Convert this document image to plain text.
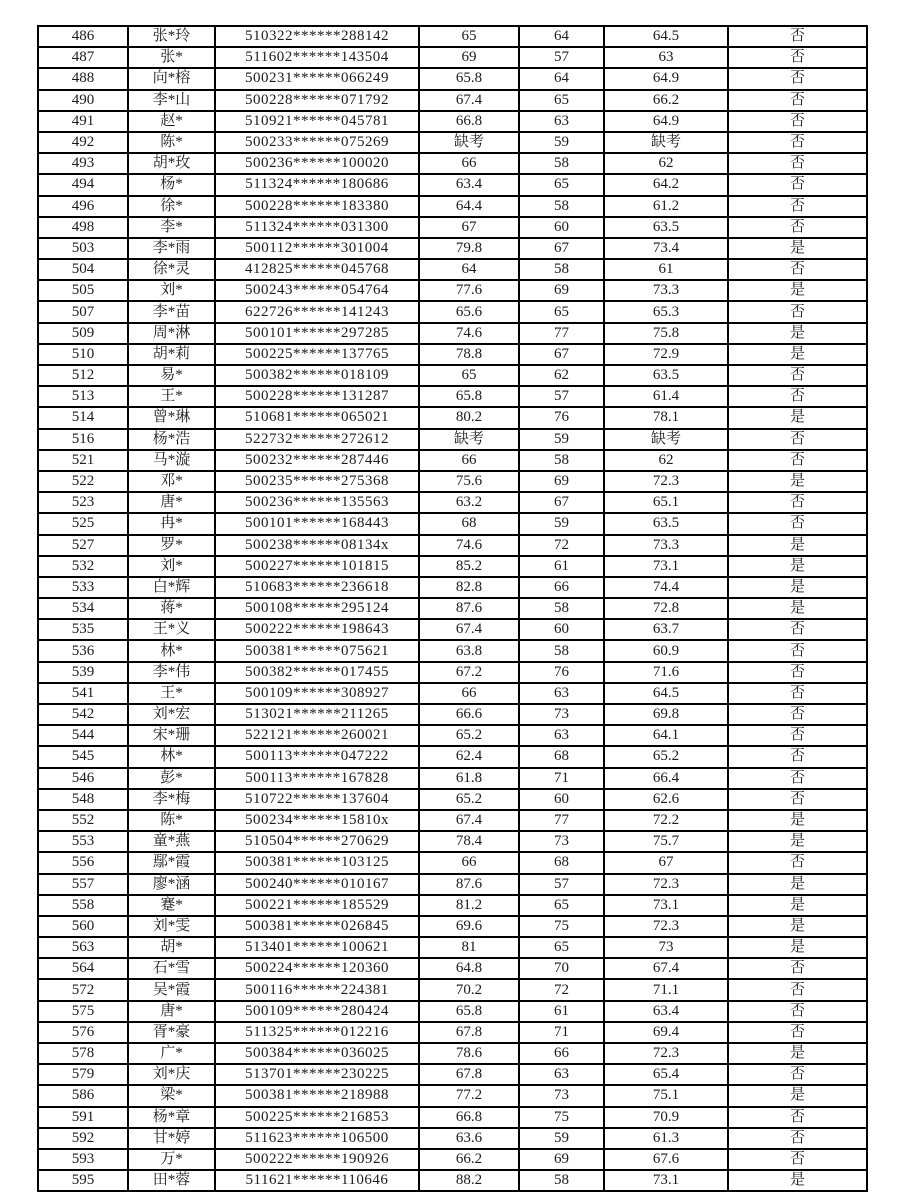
486	张*玲	510322******288142	65	64	64.5	否
487	张*	511602******143504	69	57	63	否
488	向*榕	500231******066249	65.8	64	64.9	否
490	李*山	500228******071792	67.4	65	66.2	否
491	赵*	510921******045781	66.8	63	64.9	否
492	陈*	500233******075269	缺考	59	缺考	否
493	胡*玫	500236******100020	66	58	62	否
494	杨*	511324******180686	63.4	65	64.2	否
496	徐*	500228******183380	64.4	58	61.2	否
498	李*	511324******031300	67	60	63.5	否
503	李*雨	500112******301004	79.8	67	73.4	是
504	徐*灵	412825******045768	64	58	61	否
505	刘*	500243******054764	77.6	69	73.3	是
507	李*苗	622726******141243	65.6	65	65.3	否
509	周*淋	500101******297285	74.6	77	75.8	是
510	胡*莉	500225******137765	78.8	67	72.9	是
512	易*	500382******018109	65	62	63.5	否
513	王*	500228******131287	65.8	57	61.4	否
514	曾*琳	510681******065021	80.2	76	78.1	是
516	杨*浩	522732******272612	缺考	59	缺考	否
521	马*漩	500232******287446	66	58	62	否
522	邓*	500235******275368	75.6	69	72.3	是
523	唐*	500236******135563	63.2	67	65.1	否
525	冉*	500101******168443	68	59	63.5	否
527	罗*	500238******08134x	74.6	72	73.3	是
532	刘*	500227******101815	85.2	61	73.1	是
533	白*辉	510683******236618	82.8	66	74.4	是
534	蒋*	500108******295124	87.6	58	72.8	是
535	王*义	500222******198643	67.4	60	63.7	否
536	林*	500381******075621	63.8	58	60.9	否
539	李*伟	500382******017455	67.2	76	71.6	否
541	王*	500109******308927	66	63	64.5	否
542	刘*宏	513021******211265	66.6	73	69.8	否
544	宋*珊	522121******260021	65.2	63	64.1	否
545	林*	500113******047222	62.4	68	65.2	否
546	彭*	500113******167828	61.8	71	66.4	否
548	李*梅	510722******137604	65.2	60	62.6	否
552	陈*	500234******15810x	67.4	77	72.2	是
553	童*燕	510504******270629	78.4	73	75.7	是
556	鄢*霞	500381******103125	66	68	67	否
557	廖*涵	500240******010167	87.6	57	72.3	是
558	蹇*	500221******185529	81.2	65	73.1	是
560	刘*雯	500381******026845	69.6	75	72.3	是
563	胡*	513401******100621	81	65	73	是
564	石*雪	500224******120360	64.8	70	67.4	否
572	吴*霞	500116******224381	70.2	72	71.1	否
575	唐*	500109******280424	65.8	61	63.4	否
576	胥*豪	511325******012216	67.8	71	69.4	否
578	广*	500384******036025	78.6	66	72.3	是
579	刘*庆	513701******230225	67.8	63	65.4	否
586	梁*	500381******218988	77.2	73	75.1	是
591	杨*章	500225******216853	66.8	75	70.9	否
592	甘*婷	511623******106500	63.6	59	61.3	否
593	万*	500222******190926	66.2	69	67.6	否
595	田*蓉	511621******110646	88.2	58	73.1	是
